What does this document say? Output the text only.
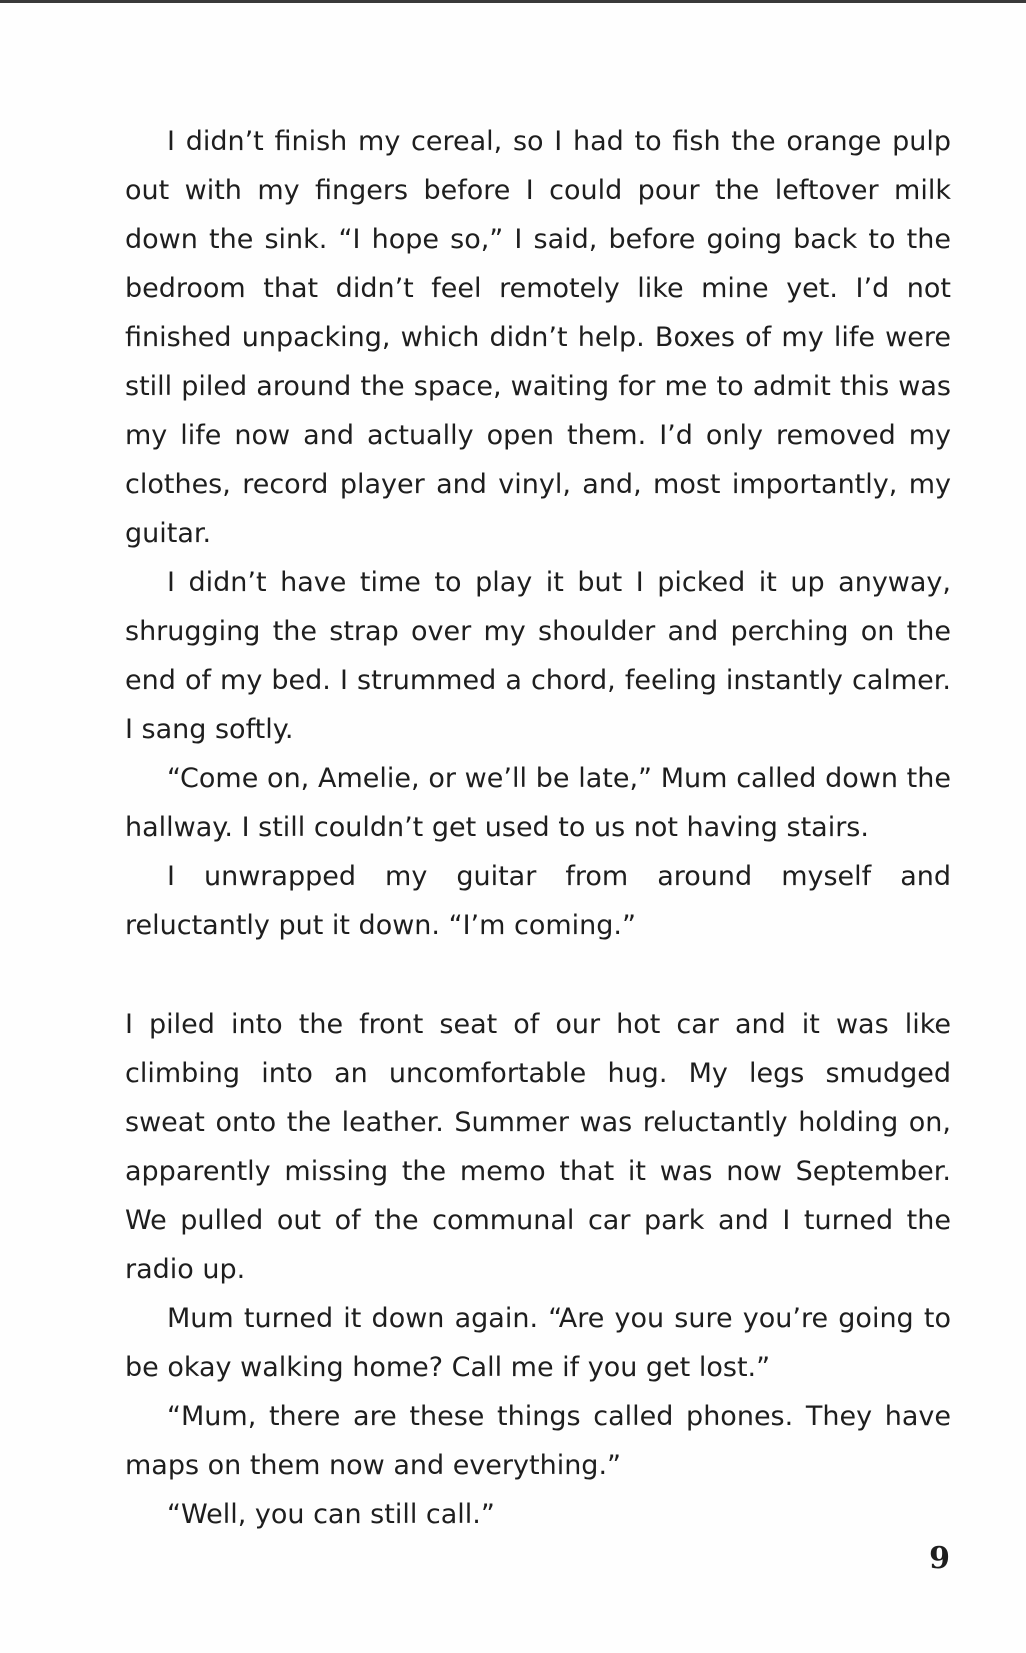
I didn’t finish my cereal, so I had to fish the orange pulp out with my fingers before I could pour the leftover milk down the sink. “I hope so,” I said, before going back to the bedroom that didn’t feel remotely like mine yet. I’d not finished unpacking, which didn’t help. Boxes of my life were still piled around the space, waiting for me to admit this was my life now and actually open them. I’d only removed my clothes, record player and vinyl, and, most importantly, my guitar.

I didn’t have time to play it but I picked it up anyway, shrugging the strap over my shoulder and perching on the end of my bed. I strummed a chord, feeling instantly calmer. I sang softly.

“Come on, Amelie, or we’ll be late,” Mum called down the hallway. I still couldn’t get used to us not having stairs.

I unwrapped my guitar from around myself and reluctantly put it down. “I’m coming.”

I piled into the front seat of our hot car and it was like climbing into an uncomfortable hug. My legs smudged sweat onto the leather. Summer was reluctantly holding on, apparently missing the memo that it was now September. We pulled out of the communal car park and I turned the radio up.

Mum turned it down again. “Are you sure you’re going to be okay walking home? Call me if you get lost.”

“Mum, there are these things called phones. They have maps on them now and everything.”

“Well, you can still call.”

9
